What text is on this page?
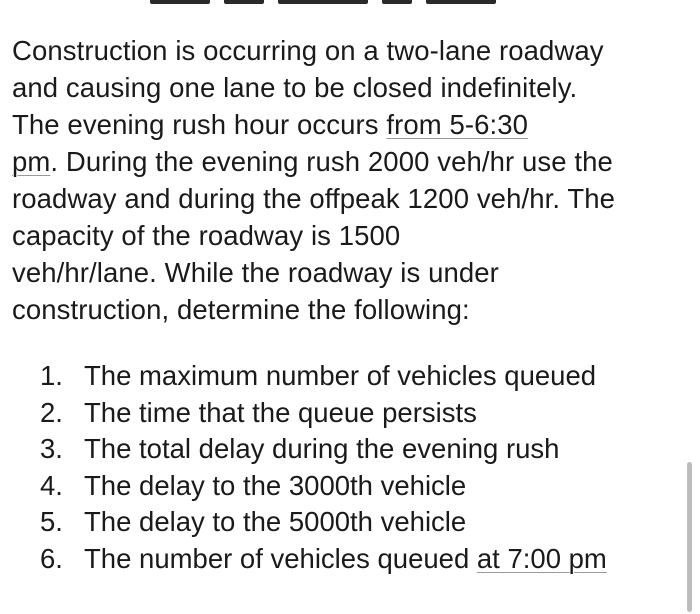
Construction is occurring on a two-lane roadway
and causing one lane to be closed indefinitely.
The evening rush hour occurs from 5-6:30
pm. During the evening rush 2000 veh/hr use the
roadway and during the offpeak 1200 veh/hr. The
capacity of the roadway is 1500
veh/hr/lane. While the roadway is under
construction, determine the following:

1. The maximum number of vehicles queued
2. The time that the queue persists
3. The total delay during the evening rush
4. The delay to the 3000th vehicle
5. The delay to the 5000th vehicle
6. The number of vehicles queued at 7:00 pm
